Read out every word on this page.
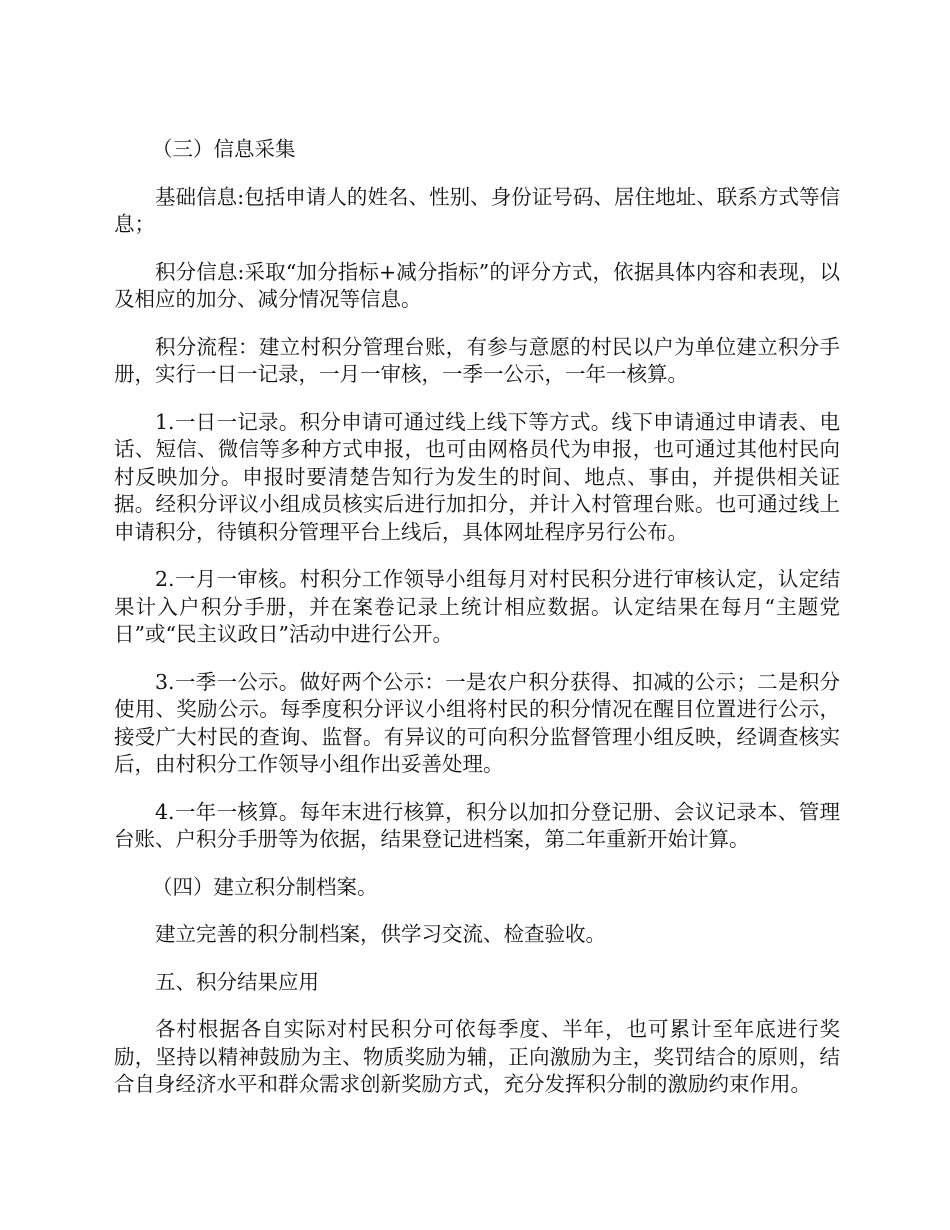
（三）信息采集

基础信息:包括申请人的姓名、性别、身份证号码、居住地址、联系方式等信息；

积分信息:采取“加分指标+减分指标”的评分方式，依据具体内容和表现，以及相应的加分、减分情况等信息。

积分流程：建立村积分管理台账，有参与意愿的村民以户为单位建立积分手册，实行一日一记录，一月一审核，一季一公示，一年一核算。

1.一日一记录。积分申请可通过线上线下等方式。线下申请通过申请表、电话、短信、微信等多种方式申报，也可由网格员代为申报，也可通过其他村民向村反映加分。申报时要清楚告知行为发生的时间、地点、事由，并提供相关证据。经积分评议小组成员核实后进行加扣分，并计入村管理台账。也可通过线上申请积分，待镇积分管理平台上线后，具体网址程序另行公布。

2.一月一审核。村积分工作领导小组每月对村民积分进行审核认定，认定结果计入户积分手册，并在案卷记录上统计相应数据。认定结果在每月“主题党日”或“民主议政日”活动中进行公开。

3.一季一公示。做好两个公示：一是农户积分获得、扣减的公示；二是积分使用、奖励公示。每季度积分评议小组将村民的积分情况在醒目位置进行公示，接受广大村民的查询、监督。有异议的可向积分监督管理小组反映，经调查核实后，由村积分工作领导小组作出妥善处理。

4.一年一核算。每年末进行核算，积分以加扣分登记册、会议记录本、管理台账、户积分手册等为依据，结果登记进档案，第二年重新开始计算。

（四）建立积分制档案。

建立完善的积分制档案，供学习交流、检查验收。

五、积分结果应用

各村根据各自实际对村民积分可依每季度、半年，也可累计至年底进行奖励，坚持以精神鼓励为主、物质奖励为辅，正向激励为主，奖罚结合的原则，结合自身经济水平和群众需求创新奖励方式，充分发挥积分制的激励约束作用。
